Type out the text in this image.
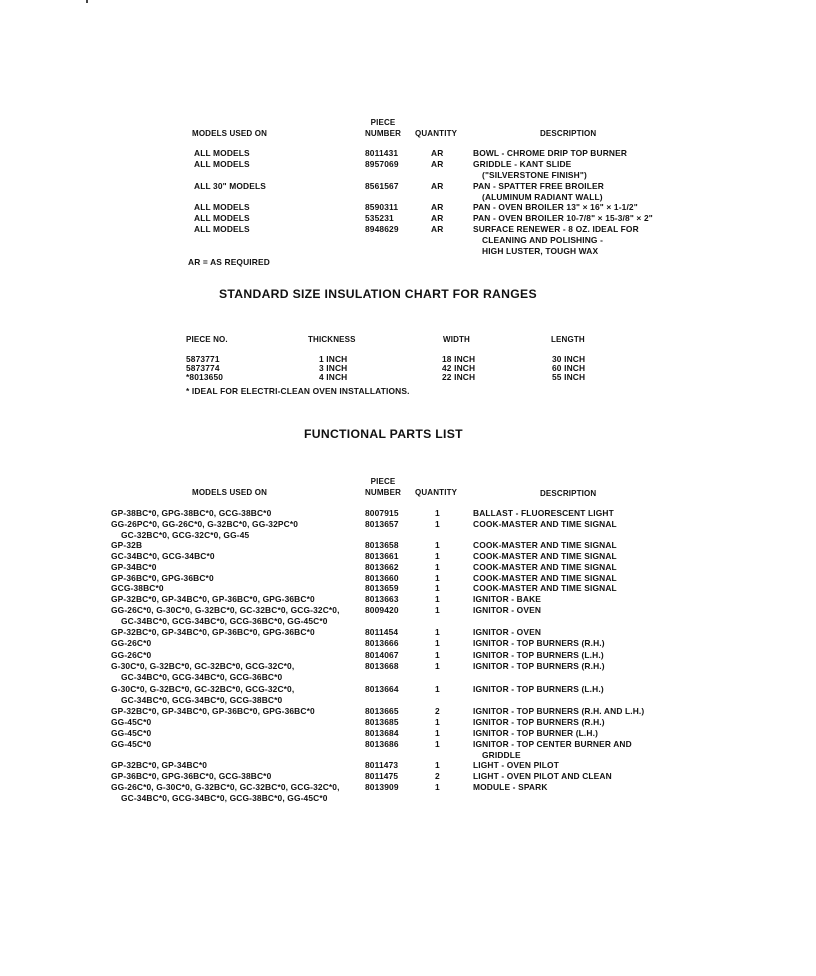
PIECE
MODELS USED ON	NUMBER	QUANTITY	DESCRIPTION
ALL MODELS	8011431	AR	BOWL - CHROME DRIP TOP BURNER
ALL MODELS	8957069	AR	GRIDDLE - KANT SLIDE
("SILVERSTONE FINISH")
ALL 30" MODELS	8561567	AR	PAN - SPATTER FREE BROILER
(ALUMINUM RADIANT WALL)
ALL MODELS	8590311	AR	PAN - OVEN BROILER 13" × 16" × 1-1/2"
ALL MODELS	535231	AR	PAN - OVEN BROILER 10-7/8" × 15-3/8" × 2"
ALL MODELS	8948629	AR	SURFACE RENEWER - 8 OZ. IDEAL FOR
CLEANING AND POLISHING -
HIGH LUSTER, TOUGH WAX
AR = AS REQUIRED
STANDARD SIZE INSULATION CHART FOR RANGES
PIECE NO.	THICKNESS	WIDTH	LENGTH
5873771	1 INCH	18 INCH	30 INCH
5873774	3 INCH	42 INCH	60 INCH
*8013650	4 INCH	22 INCH	55 INCH
* IDEAL FOR ELECTRI-CLEAN OVEN INSTALLATIONS.
FUNCTIONAL PARTS LIST
PIECE
MODELS USED ON	NUMBER	QUANTITY	DESCRIPTION
GP-38BC*0, GPG-38BC*0, GCG-38BC*0	8007915	1	BALLAST - FLUORESCENT LIGHT
GG-26PC*0, GG-26C*0, G-32BC*0, GG-32PC*0
GC-32BC*0, GCG-32C*0, GG-45
8013657	1	COOK-MASTER AND TIME SIGNAL
GP-32B	8013658	1	COOK-MASTER AND TIME SIGNAL
GC-34BC*0, GCG-34BC*0	8013661	1	COOK-MASTER AND TIME SIGNAL
GP-34BC*0	8013662	1	COOK-MASTER AND TIME SIGNAL
GP-36BC*0, GPG-36BC*0	8013660	1	COOK-MASTER AND TIME SIGNAL
GCG-38BC*0	8013659	1	COOK-MASTER AND TIME SIGNAL
GP-32BC*0, GP-34BC*0, GP-36BC*0, GPG-36BC*0	8013663	1	IGNITOR - BAKE
GG-26C*0, G-30C*0, G-32BC*0, GC-32BC*0, GCG-32C*0,
GC-34BC*0, GCG-34BC*0, GCG-36BC*0, GG-45C*0
8009420	1	IGNITOR - OVEN
GP-32BC*0, GP-34BC*0, GP-36BC*0, GPG-36BC*0	8011454	1	IGNITOR - OVEN
GG-26C*0	8013666	1	IGNITOR - TOP BURNERS (R.H.)
GG-26C*0	8014067	1	IGNITOR - TOP BURNERS (L.H.)
G-30C*0, G-32BC*0, GC-32BC*0, GCG-32C*0,
GC-34BC*0, GCG-34BC*0, GCG-36BC*0
8013668	1	IGNITOR - TOP BURNERS (R.H.)
G-30C*0, G-32BC*0, GC-32BC*0, GCG-32C*0,
GC-34BC*0, GCG-34BC*0, GCG-38BC*0
8013664	1	IGNITOR - TOP BURNERS (L.H.)
GP-32BC*0, GP-34BC*0, GP-36BC*0, GPG-36BC*0	8013665	2	IGNITOR - TOP BURNERS (R.H. AND L.H.)
GG-45C*0	8013685	1	IGNITOR - TOP BURNERS (R.H.)
GG-45C*0	8013684	1	IGNITOR - TOP BURNER (L.H.)
GG-45C*0	8013686	1	IGNITOR - TOP CENTER BURNER AND
GRIDDLE
GP-32BC*0, GP-34BC*0	8011473	1	LIGHT - OVEN PILOT
GP-36BC*0, GPG-36BC*0, GCG-38BC*0	8011475	2	LIGHT - OVEN PILOT AND CLEAN
GG-26C*0, G-30C*0, G-32BC*0, GC-32BC*0, GCG-32C*0,
GC-34BC*0, GCG-34BC*0, GCG-38BC*0, GG-45C*0
8013909	1	MODULE - SPARK
